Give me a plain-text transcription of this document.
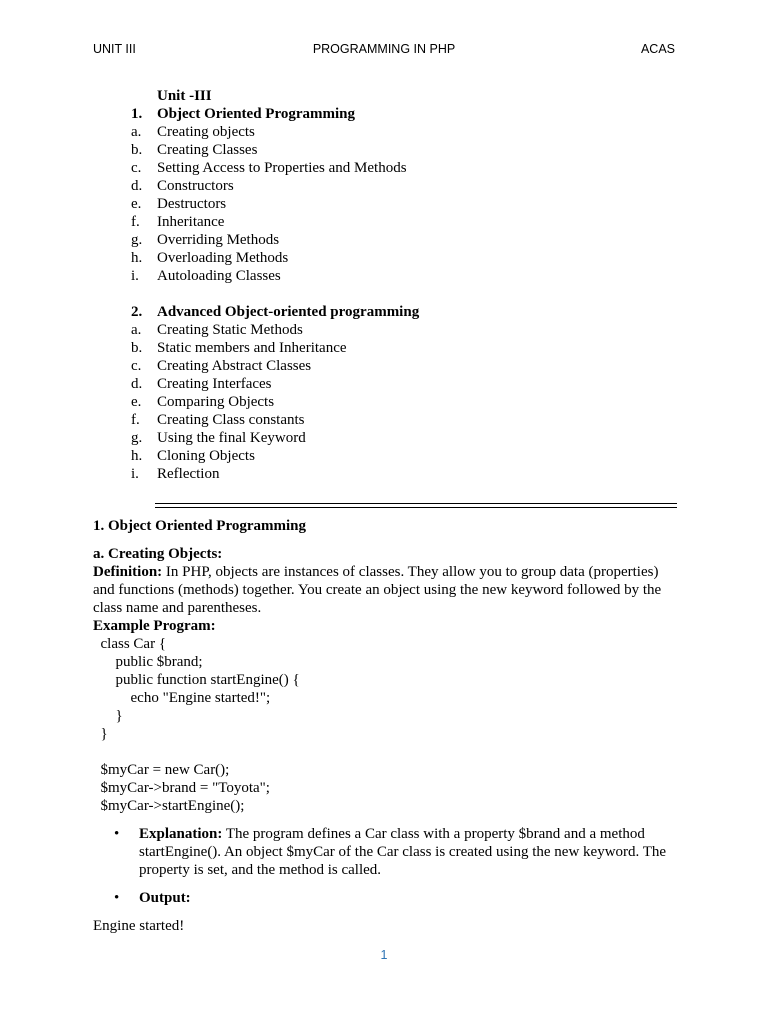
UNIT III	PROGRAMMING IN PHP	ACAS
Unit -III
1. Object Oriented Programming
a. Creating objects
b. Creating Classes
c. Setting Access to Properties and Methods
d. Constructors
e. Destructors
f. Inheritance
g. Overriding Methods
h. Overloading Methods
i. Autoloading Classes
2. Advanced Object-oriented programming
a. Creating Static Methods
b. Static members and Inheritance
c. Creating Abstract Classes
d. Creating Interfaces
e. Comparing Objects
f. Creating Class constants
g. Using the final Keyword
h. Cloning Objects
i. Reflection
1. Object Oriented Programming
a. Creating Objects:

Definition: In PHP, objects are instances of classes. They allow you to group data (properties) and functions (methods) together. You create an object using the new keyword followed by the class name and parentheses.

Example Program:
class Car {
public $brand;
public function startEngine() {
echo "Engine started!";
}
}
$myCar = new Car();
$myCar->brand = "Toyota";
$myCar->startEngine();
• Explanation: The program defines a Car class with a property $brand and a method startEngine(). An object $myCar of the Car class is created using the new keyword. The property is set, and the method is called.
• Output:

Engine started!

1
